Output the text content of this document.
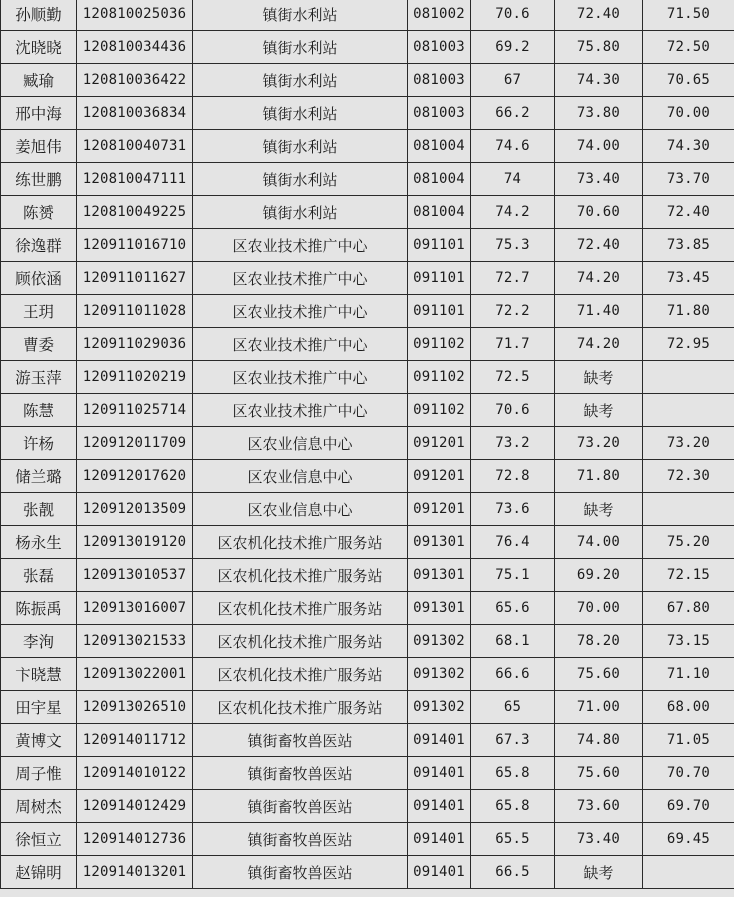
孙顺勤	120810025036	镇街水利站	081002	70.6	72.40	71.50
沈晓晓	120810034436	镇街水利站	081003	69.2	75.80	72.50
臧瑜	120810036422	镇街水利站	081003	67	74.30	70.65
邢中海	120810036834	镇街水利站	081003	66.2	73.80	70.00
姜旭伟	120810040731	镇街水利站	081004	74.6	74.00	74.30
练世鹏	120810047111	镇街水利站	081004	74	73.40	73.70
陈赟	120810049225	镇街水利站	081004	74.2	70.60	72.40
徐逸群	120911016710	区农业技术推广中心	091101	75.3	72.40	73.85
顾依涵	120911011627	区农业技术推广中心	091101	72.7	74.20	73.45
王玥	120911011028	区农业技术推广中心	091101	72.2	71.40	71.80
曹委	120911029036	区农业技术推广中心	091102	71.7	74.20	72.95
游玉萍	120911020219	区农业技术推广中心	091102	72.5	缺考	
陈慧	120911025714	区农业技术推广中心	091102	70.6	缺考	
许杨	120912011709	区农业信息中心	091201	73.2	73.20	73.20
储兰璐	120912017620	区农业信息中心	091201	72.8	71.80	72.30
张靓	120912013509	区农业信息中心	091201	73.6	缺考	
杨永生	120913019120	区农机化技术推广服务站	091301	76.4	74.00	75.20
张磊	120913010537	区农机化技术推广服务站	091301	75.1	69.20	72.15
陈振禹	120913016007	区农机化技术推广服务站	091301	65.6	70.00	67.80
李洵	120913021533	区农机化技术推广服务站	091302	68.1	78.20	73.15
卞晓慧	120913022001	区农机化技术推广服务站	091302	66.6	75.60	71.10
田宇星	120913026510	区农机化技术推广服务站	091302	65	71.00	68.00
黄博文	120914011712	镇街畜牧兽医站	091401	67.3	74.80	71.05
周子惟	120914010122	镇街畜牧兽医站	091401	65.8	75.60	70.70
周树杰	120914012429	镇街畜牧兽医站	091401	65.8	73.60	69.70
徐恒立	120914012736	镇街畜牧兽医站	091401	65.5	73.40	69.45
赵锦明	120914013201	镇街畜牧兽医站	091401	66.5	缺考	
